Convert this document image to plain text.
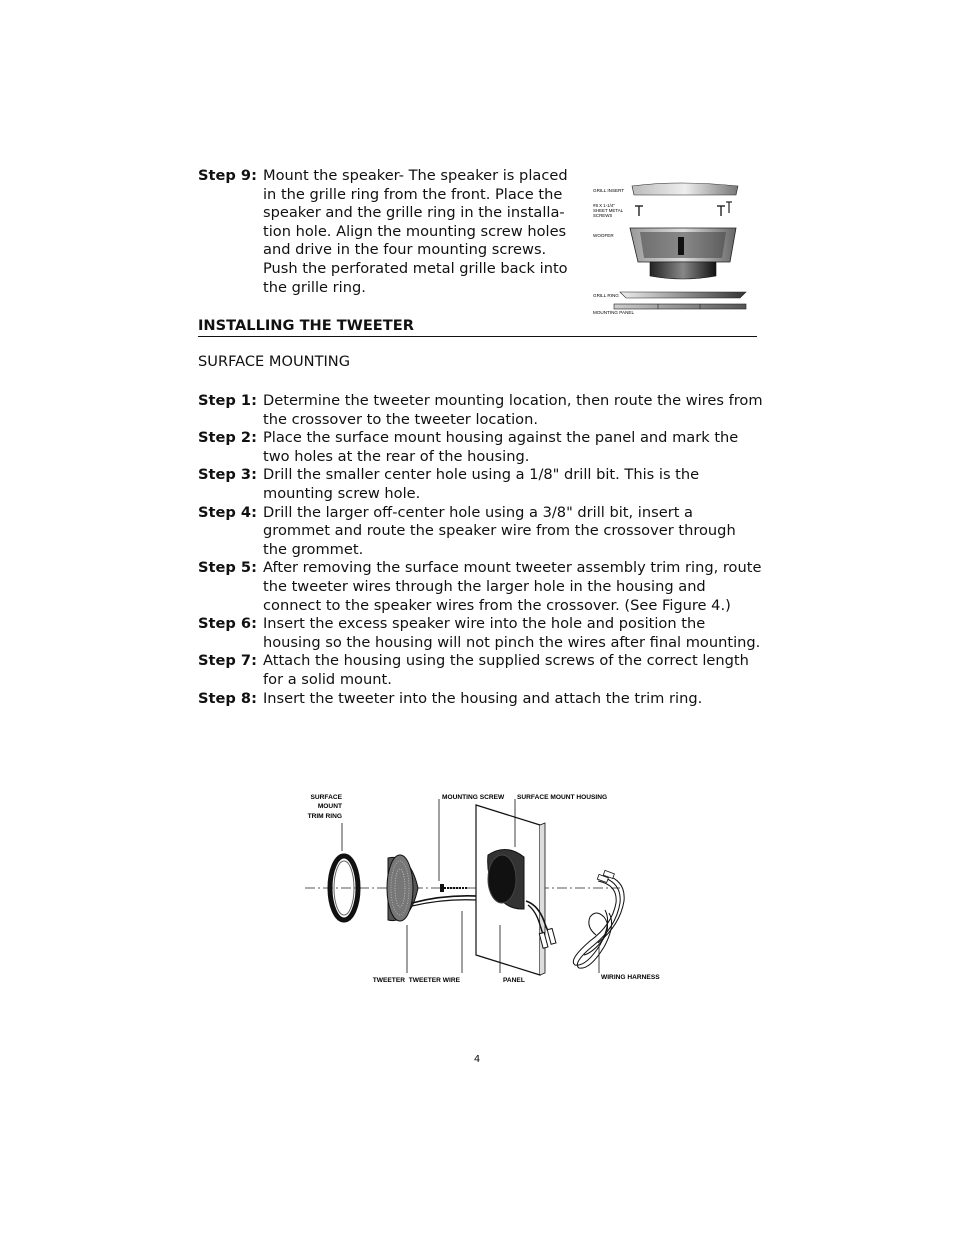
Step 9: Mount the speaker- The speaker is placed in the grille ring from the front. Place the speaker and the grille ring in the installa-tion hole. Align the mounting screw holes and drive in the four mounting screws. Push the perforated metal grille back into the grille ring.
GRILL INSERT
#8 X 1-1/4"
SHEET METAL
SCREWS
WOOFER
GRILL RING
MOUNTING PANEL
INSTALLING THE TWEETER
SURFACE MOUNTING
Step 1: Determine the tweeter mounting location, then route the wires from the crossover to the tweeter location.
Step 2: Place the surface mount housing against the panel and mark the two holes at the rear of the housing.
Step 3: Drill the smaller center hole using a 1/8" drill bit. This is the mounting screw hole.
Step 4: Drill the larger off-center hole using a 3/8" drill bit, insert a grommet and route the speaker wire from the crossover through the grommet.
Step 5: After removing the surface mount tweeter assembly trim ring, route the tweeter wires through the larger hole in the housing and connect to the speaker wires from the crossover. (See Figure 4.)
Step 6: Insert the excess speaker wire into the hole and position the housing so the housing will not pinch the wires after final mounting.
Step 7: Attach the housing using the supplied screws of the correct length for a solid mount.
Step 8: Insert the tweeter into the housing and attach the trim ring.
SURFACE
MOUNT
TRIM RING
MOUNTING SCREW SURFACE MOUNT HOUSING
TWEETER TWEETER WIRE	PANEL	WIRING HARNESS
4
